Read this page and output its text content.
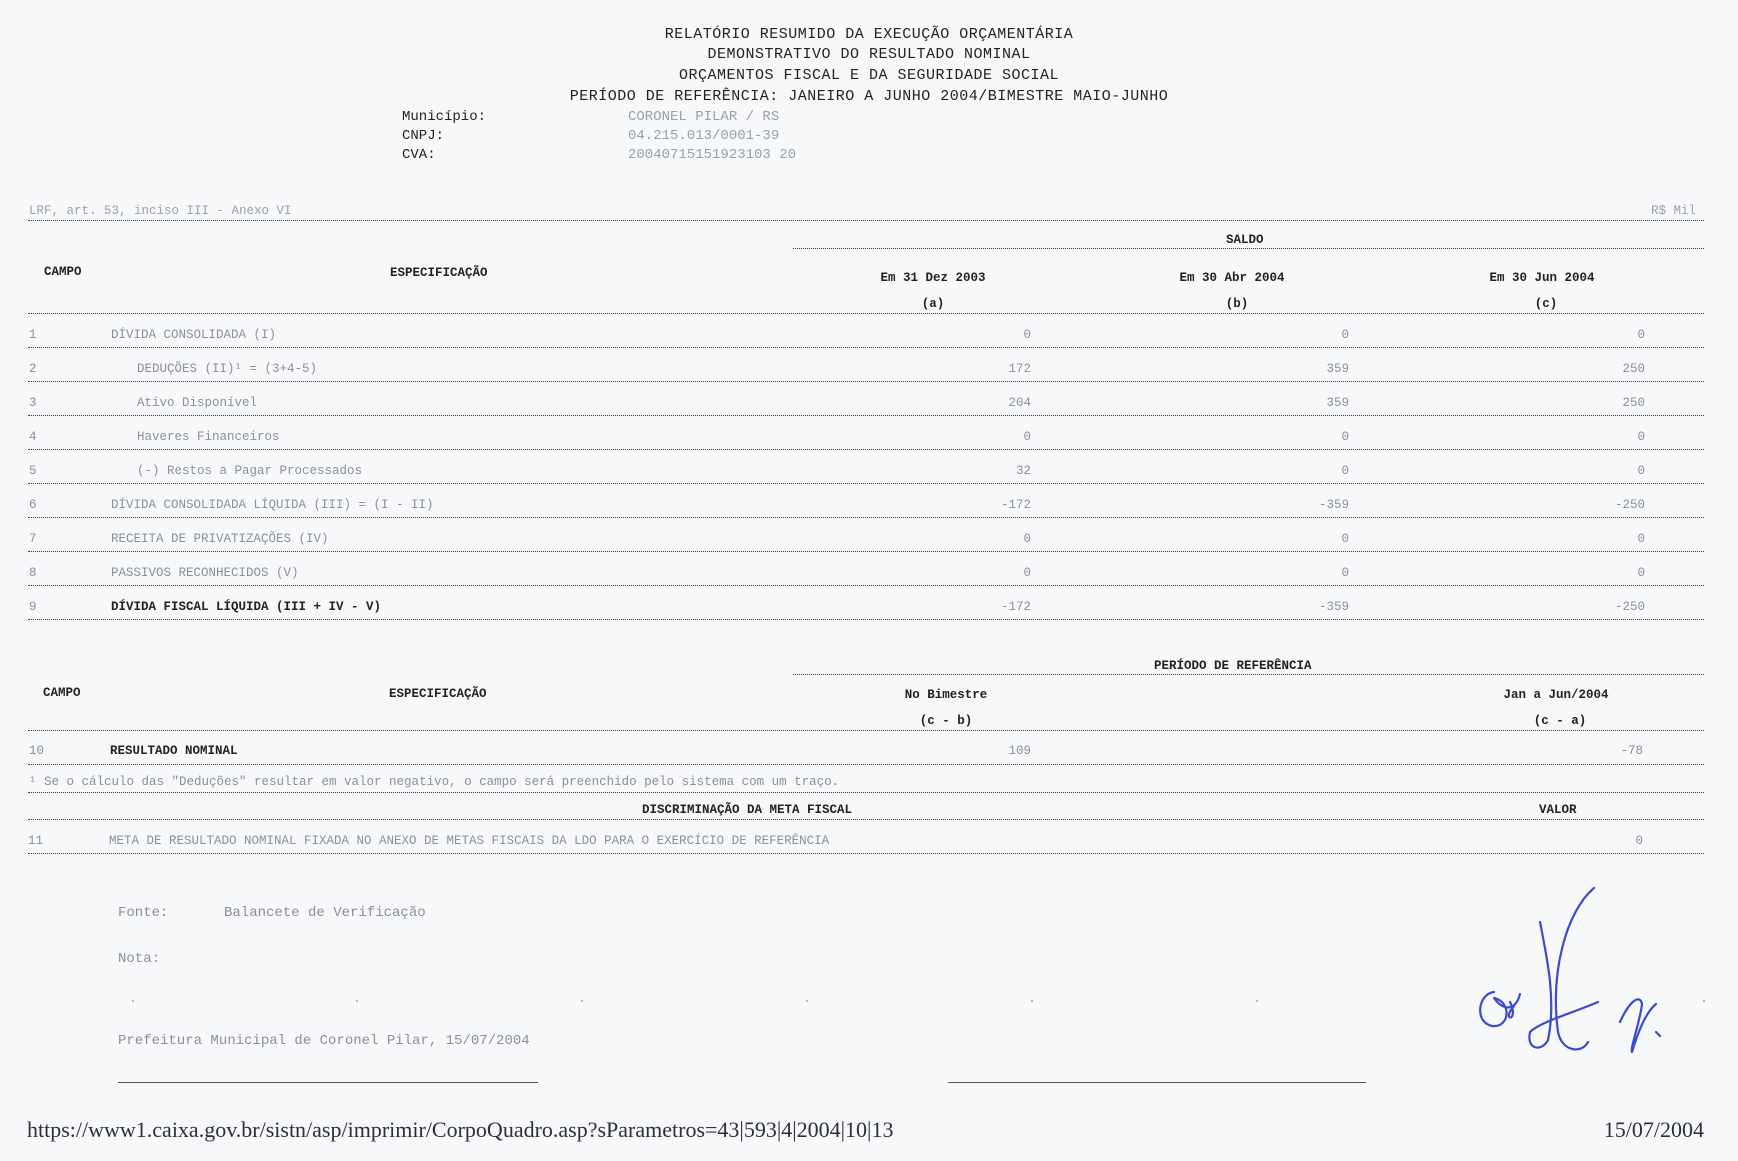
RELATÓRIO RESUMIDO DA EXECUÇÃO ORÇAMENTÁRIA
DEMONSTRATIVO DO RESULTADO NOMINAL
ORÇAMENTOS FISCAL E DA SEGURIDADE SOCIAL
PERÍODO DE REFERÊNCIA: JANEIRO A JUNHO 2004/BIMESTRE MAIO-JUNHO
Município:	CORONEL PILAR / RS
CNPJ:	04.215.013/0001-39
CVA:	20040715151923103 20
LRF, art. 53, inciso III - Anexo VI	R$ Mil
SALDO
CAMPO	ESPECIFICAÇÃO	Em 31 Dez 2003	Em 30 Abr 2004	Em 30 Jun 2004
(a)	(b)	(c)
1	DÍVIDA CONSOLIDADA (I)	0	0	0
2	DEDUÇÕES (II)¹ = (3+4-5)	172	359	250
3	Ativo Disponível	204	359	250
4	Haveres Financeiros	0	0	0
5	(-) Restos a Pagar Processados	32	0	0
6	DÍVIDA CONSOLIDADA LÍQUIDA (III) = (I - II)	-172	-359	-250
7	RECEITA DE PRIVATIZAÇÕES (IV)	0	0	0
8	PASSIVOS RECONHECIDOS (V)	0	0	0
9	DÍVIDA FISCAL LÍQUIDA (III + IV - V)	-172	-359	-250
PERÍODO DE REFERÊNCIA
CAMPO	ESPECIFICAÇÃO	No Bimestre	Jan a Jun/2004
(c - b)	(c - a)
10	RESULTADO NOMINAL	109	-78
¹ Se o cálculo das "Deduções" resultar em valor negativo, o campo será preenchido pelo sistema com um traço.
DISCRIMINAÇÃO DA META FISCAL	VALOR
11	META DE RESULTADO NOMINAL FIXADA NO ANEXO DE METAS FISCAIS DA LDO PARA O EXERCÍCIO DE REFERÊNCIA	0
Fonte:	Balancete de Verificação
Nota:
Prefeitura Municipal de Coronel Pilar, 15/07/2004
https://www1.caixa.gov.br/sistn/asp/imprimir/CorpoQuadro.asp?sParametros=43|593|4|2004|10|13	15/07/2004
